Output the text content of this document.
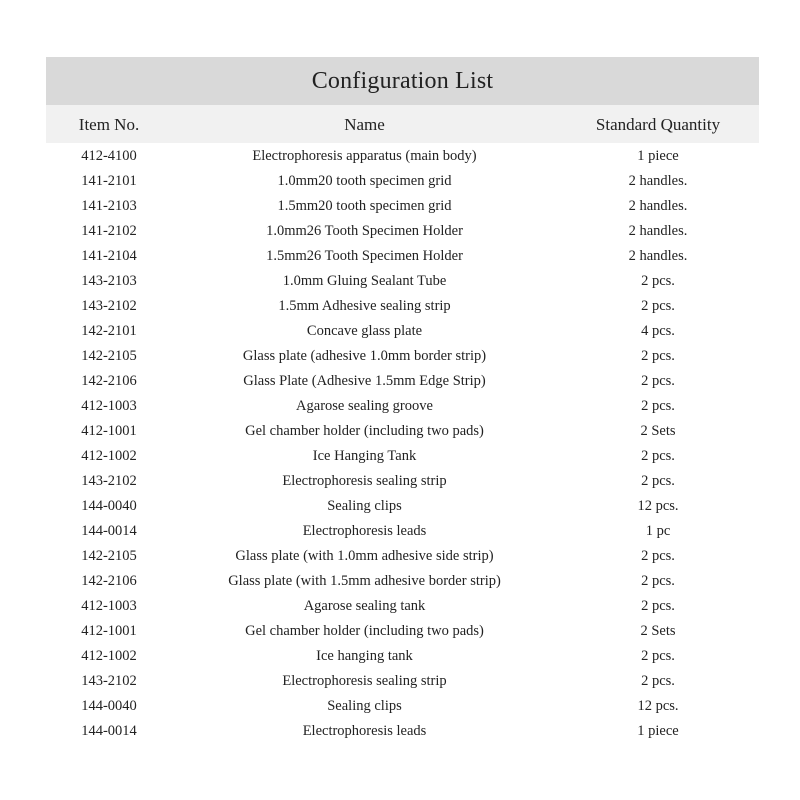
Configuration List
Item No.	Name	Standard Quantity
412-4100	Electrophoresis apparatus (main body)	1 piece
141-2101	1.0mm20 tooth specimen grid	2 handles.
141-2103	1.5mm20 tooth specimen grid	2 handles.
141-2102	1.0mm26 Tooth Specimen Holder	2 handles.
141-2104	1.5mm26 Tooth Specimen Holder	2 handles.
143-2103	1.0mm Gluing Sealant Tube	2 pcs.
143-2102	1.5mm Adhesive sealing strip	2 pcs.
142-2101	Concave glass plate	4 pcs.
142-2105	Glass plate (adhesive 1.0mm border strip)	2 pcs.
142-2106	Glass Plate (Adhesive 1.5mm Edge Strip)	2 pcs.
412-1003	Agarose sealing groove	2 pcs.
412-1001	Gel chamber holder (including two pads)	2 Sets
412-1002	Ice Hanging Tank	2 pcs.
143-2102	Electrophoresis sealing strip	2 pcs.
144-0040	Sealing clips	12 pcs.
144-0014	Electrophoresis leads	1 pc
142-2105	Glass plate (with 1.0mm adhesive side strip)	2 pcs.
142-2106	Glass plate (with 1.5mm adhesive border strip)	2 pcs.
412-1003	Agarose sealing tank	2 pcs.
412-1001	Gel chamber holder (including two pads)	2 Sets
412-1002	Ice hanging tank	2 pcs.
143-2102	Electrophoresis sealing strip	2 pcs.
144-0040	Sealing clips	12 pcs.
144-0014	Electrophoresis leads	1 piece
